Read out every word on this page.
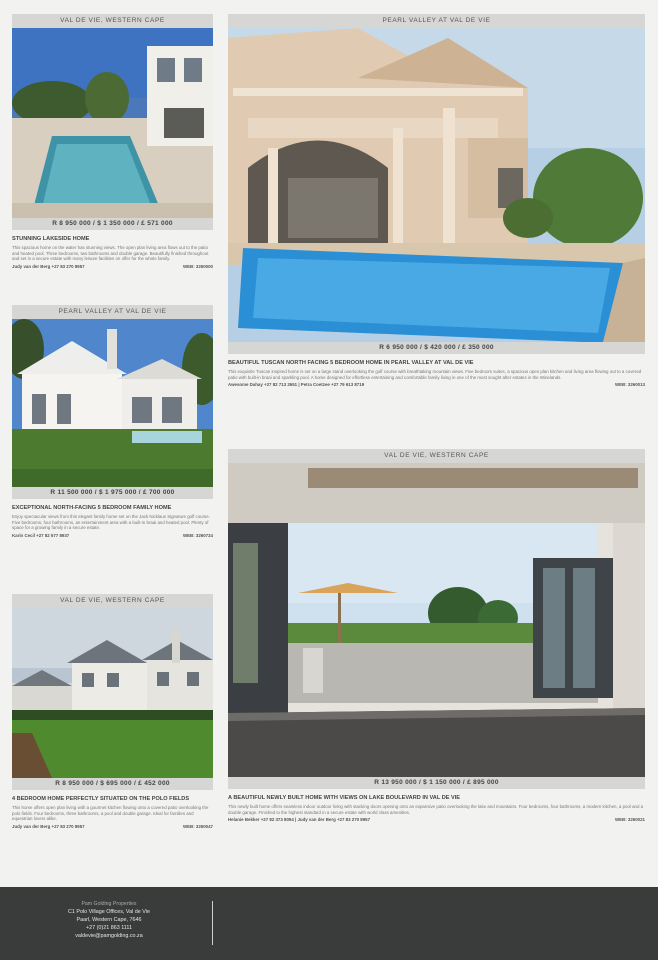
VAL DE VIE, WESTERN CAPE
R 8 950 000 / $ 1 350 000 / £ 571 000
STUNNING LAKESIDE HOME
This spacious home on the water has stunning views. The open plan living area flows out to the patio and heated pool. Three bedrooms, two bathrooms and double garage. Beautifully finished throughout and set in a secure estate with many leisure facilities on offer for the whole family.
Judy van der Berg +27 83 270 8957	WEB: 3260000
PEARL VALLEY AT VAL DE VIE
R 11 500 000 / $ 1 975 000 / £ 700 000
EXCEPTIONAL NORTH-FACING 5 BEDROOM FAMILY HOME
Enjoy spectacular views from this elegant family home set on the Jack Nicklaus Signature golf course. Five bedrooms, four bathrooms, an entertainment area with a built-in braai and heated pool. Plenty of space for a growing family in a secure estate.
Karin Cecil +27 82 577 8937	WEB: 3260724
VAL DE VIE, WESTERN CAPE
R 8 950 000 / $ 695 000 / £ 452 000
4 BEDROOM HOME PERFECTLY SITUATED ON THE POLO FIELDS
This home offers open plan living with a gourmet kitchen flowing onto a covered patio overlooking the polo fields. Four bedrooms, three bathrooms, a pool and double garage. Ideal for families and equestrian lovers alike.
Judy van der Berg +27 83 270 8957	WEB: 3260047
PEARL VALLEY AT VAL DE VIE
R 6 950 000 / $ 420 000 / £ 350 000
BEAUTIFUL TUSCAN NORTH FACING 5 BEDROOM HOME IN PEARL VALLEY AT VAL DE VIE
This exquisite Tuscan inspired home is set on a large stand overlooking the golf course with breathtaking mountain views. Five bedroom suites, a spacious open plan kitchen and living area flowing out to a covered patio with built-in braai and sparkling pool. A home designed for effortless entertaining and comfortable family living in one of the most sought after estates in the Winelands.
Awesome Dahay +27 82 713 2651 | Petra Coetzee +27 79 613 8719	WEB: 3260013
VAL DE VIE, WESTERN CAPE
R 13 950 000 / $ 1 150 000 / £ 895 000
A BEAUTIFUL NEWLY BUILT HOME WITH VIEWS ON LAKE BOULEVARD IN VAL DE VIE
This newly built home offers seamless indoor outdoor living with stacking doors opening onto an expansive patio overlooking the lake and mountains. Four bedrooms, four bathrooms, a modern kitchen, a pool and a double garage. Finished to the highest standard in a secure estate with world class amenities.
Helanie Bekker +27 82 373 8094 | Judy van der Berg +27 83 270 8957	WEB: 3260021
Pam Golding Properties
C1 Polo Village Offices, Val de Vie
Paarl, Western Cape, 7646
+27 (0)21 863 1111
valdevie@pamgolding.co.za
